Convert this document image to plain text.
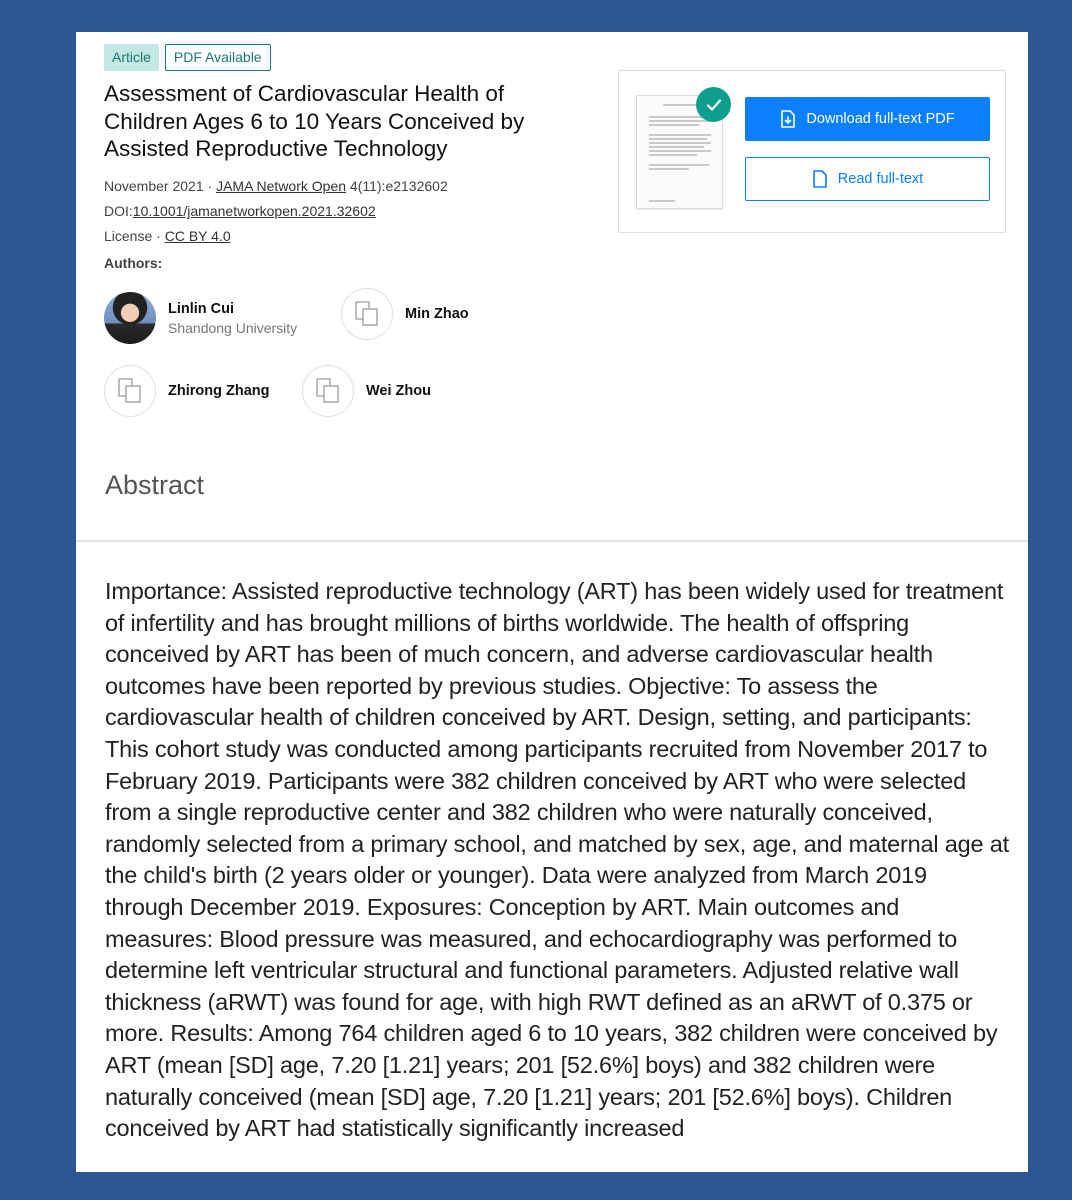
Article	PDF Available
Assessment of Cardiovascular Health of Children Ages 6 to 10 Years Conceived by Assisted Reproductive Technology
November 2021 · JAMA Network Open 4(11):e2132602
DOI:10.1001/jamanetworkopen.2021.32602
License · CC BY 4.0
Authors:
Linlin Cui
Shandong University
Min Zhao
Zhirong Zhang	Wei Zhou
Download full-text PDF
Read full-text
Abstract
Importance: Assisted reproductive technology (ART) has been widely used for treatment of infertility and has brought millions of births worldwide. The health of offspring conceived by ART has been of much concern, and adverse cardiovascular health outcomes have been reported by previous studies. Objective: To assess the cardiovascular health of children conceived by ART. Design, setting, and participants: This cohort study was conducted among participants recruited from November 2017 to February 2019. Participants were 382 children conceived by ART who were selected from a single reproductive center and 382 children who were naturally conceived, randomly selected from a primary school, and matched by sex, age, and maternal age at the child's birth (2 years older or younger). Data were analyzed from March 2019 through December 2019. Exposures: Conception by ART. Main outcomes and measures: Blood pressure was measured, and echocardiography was performed to determine left ventricular structural and functional parameters. Adjusted relative wall thickness (aRWT) was found for age, with high RWT defined as an aRWT of 0.375 or more. Results: Among 764 children aged 6 to 10 years, 382 children were conceived by ART (mean [SD] age, 7.20 [1.21] years; 201 [52.6%] boys) and 382 children were naturally conceived (mean [SD] age, 7.20 [1.21] years; 201 [52.6%] boys). Children conceived by ART had statistically significantly increased
